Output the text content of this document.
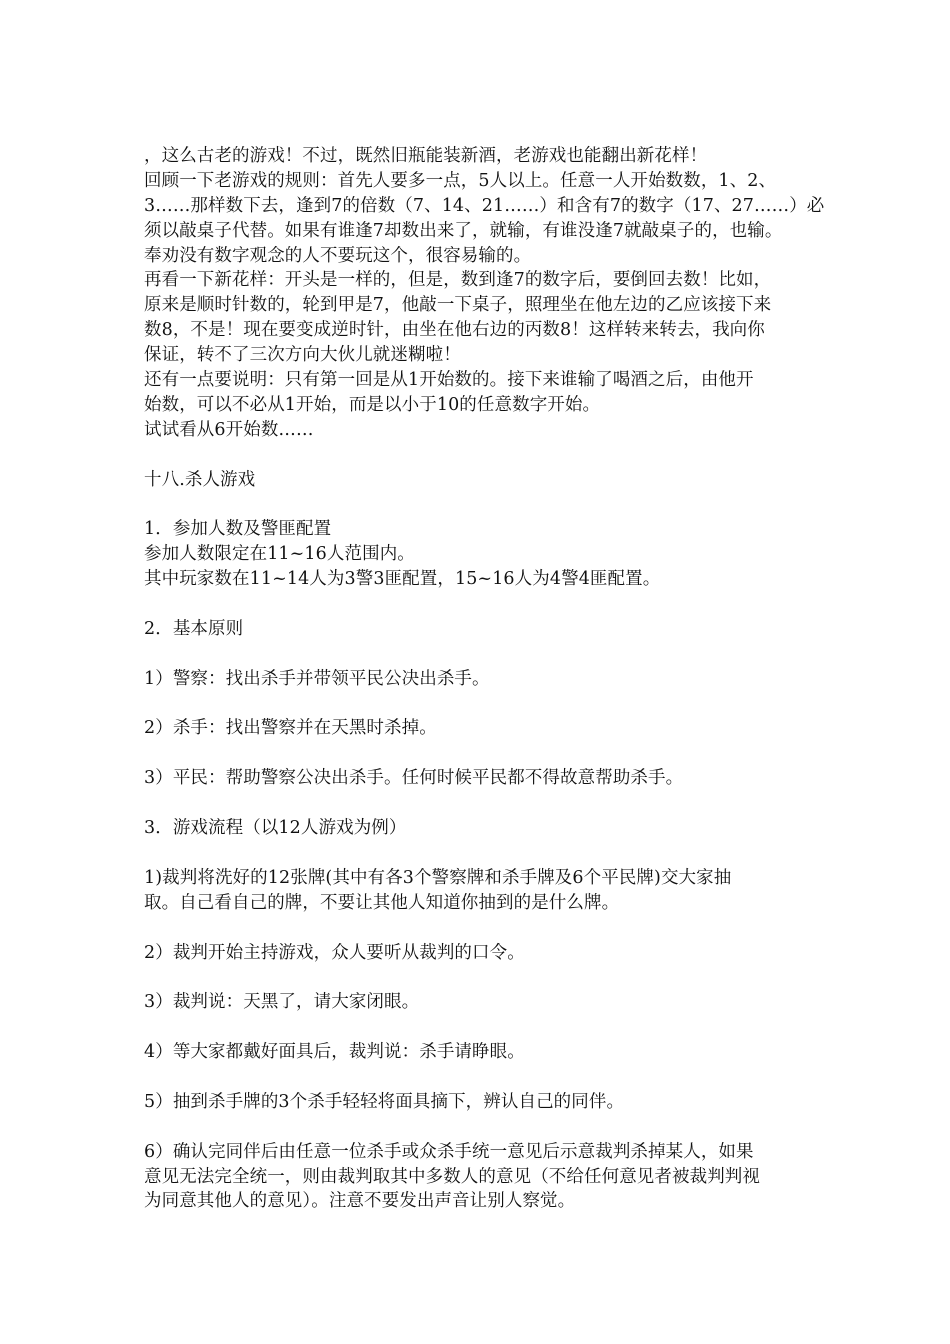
，这么古老的游戏！不过，既然旧瓶能装新酒，老游戏也能翻出新花样！
回顾一下老游戏的规则：首先人要多一点，5人以上。任意一人开始数数，1、2、
3……那样数下去，逢到7的倍数（7、14、21……）和含有7的数字（17、27……）必
须以敲桌子代替。如果有谁逢7却数出来了，就输，有谁没逢7就敲桌子的，也输。
奉劝没有数字观念的人不要玩这个，很容易输的。
再看一下新花样：开头是一样的，但是，数到逢7的数字后，要倒回去数！比如，
原来是顺时针数的，轮到甲是7，他敲一下桌子，照理坐在他左边的乙应该接下来
数8，不是！现在要变成逆时针，由坐在他右边的丙数8！这样转来转去，我向你
保证，转不了三次方向大伙儿就迷糊啦！
还有一点要说明：只有第一回是从1开始数的。接下来谁输了喝酒之后，由他开
始数，可以不必从1开始，而是以小于10的任意数字开始。
试试看从6开始数……
十八.杀人游戏
1．参加人数及警匪配置
参加人数限定在11~16人范围内。
其中玩家数在11~14人为3警3匪配置，15~16人为4警4匪配置。
2．基本原则
1）警察：找出杀手并带领平民公决出杀手。
2）杀手：找出警察并在天黑时杀掉。
3）平民：帮助警察公决出杀手。任何时候平民都不得故意帮助杀手。
3．游戏流程（以12人游戏为例）
1)裁判将洗好的12张牌(其中有各3个警察牌和杀手牌及6个平民牌)交大家抽
取。自己看自己的牌，不要让其他人知道你抽到的是什么牌。
2）裁判开始主持游戏，众人要听从裁判的口令。
3）裁判说：天黑了，请大家闭眼。
4）等大家都戴好面具后，裁判说：杀手请睁眼。
5）抽到杀手牌的3个杀手轻轻将面具摘下，辨认自己的同伴。
6）确认完同伴后由任意一位杀手或众杀手统一意见后示意裁判杀掉某人，如果
意见无法完全统一，则由裁判取其中多数人的意见（不给任何意见者被裁判判视
为同意其他人的意见）。注意不要发出声音让别人察觉。
